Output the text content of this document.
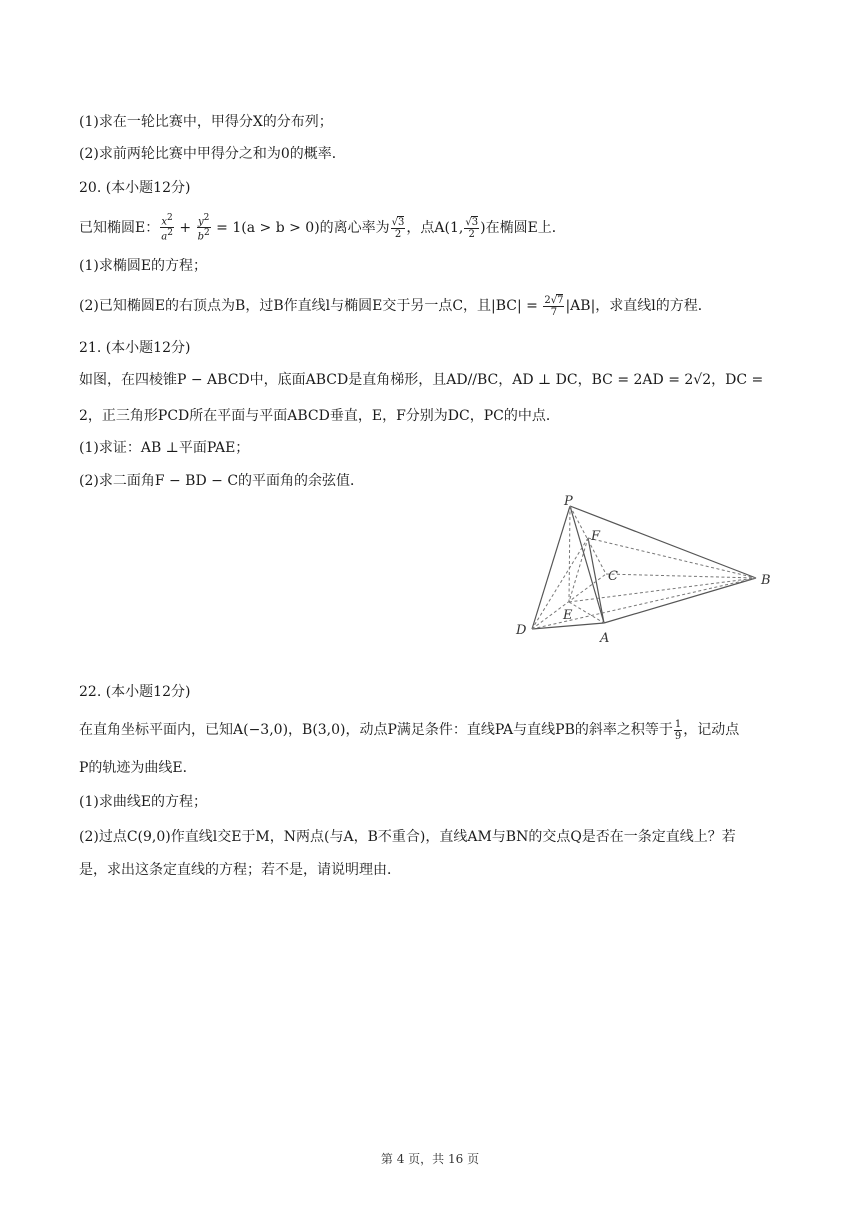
(1)求在一轮比赛中，甲得分X的分布列；
(2)求前两轮比赛中甲得分之和为0的概率．
20. (本小题12分)
已知椭圆E： $\frac{x2}{a2} + \frac{y2}{b2} = 1(a > b > 0)$的离心率为 $\frac{√3}{2}$ ，点A(1, $\frac{√3}{2}$ )在椭圆E上．
(1)求椭圆E的方程；
(2)已知椭圆E的右顶点为B，过B作直线l与椭圆E交于另一点C，且$|BC| = \frac{2√7}{7} |AB|$，求直线l的方程．
21. (本小题12分)
如图，在四棱锥P − ABCD中，底面ABCD是直角梯形，且AD//BC，AD ⊥ DC，BC = 2AD = 2√2，DC =
2，正三角形PCD所在平面与平面ABCD垂直，E，F分别为DC，PC的中点．
(1)求证：AB ⊥平面PAE；
(2)求二面角F − BD − C的平面角的余弦值．
P
F
C	B
E
D
A
22. (本小题12分)
在直角坐标平面内，已知A(−3,0)，B(3,0)，动点P满足条件：直线PA与直线PB的斜率之积等于 $\frac{1}{9}$ ，记动点
P的轨迹为曲线E．
(1)求曲线E的方程；
(2)过点C(9,0)作直线l交E于M，N两点(与A，B不重合)，直线AM与BN的交点Q是否在一条定直线上？若
是，求出这条定直线的方程；若不是，请说明理由．
第 4 页，共 16 页
